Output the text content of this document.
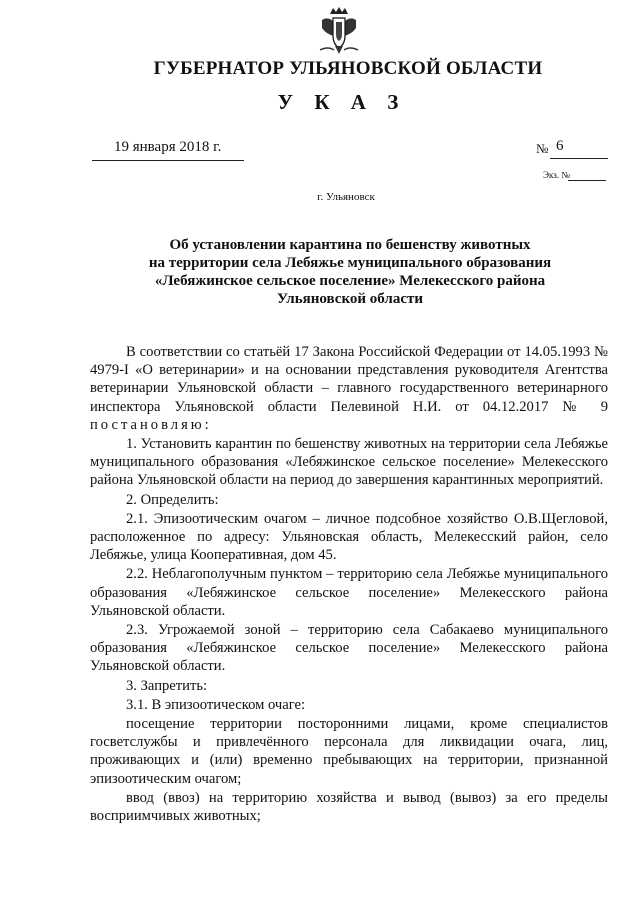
ГУБЕРНАТОР УЛЬЯНОВСКОЙ ОБЛАСТИ
У К А З
19 января 2018 г.	№ 6
Экз. №
г. Ульяновск
Об установлении карантина по бешенству животных
на территории села Лебяжье муниципального образования
«Лебяжинское сельское поселение» Мелекесского района
Ульяновской области

В соответствии со статьёй 17 Закона Российской Федерации от 14.05.1993 № 4979-I «О ветеринарии» и на основании представления руководителя Агентства ветеринарии Ульяновской области – главного государственного ветеринарного инспектора Ульяновской области Пелевиной Н.И. от 04.12.2017 № 9 постановляю:

1. Установить карантин по бешенству животных на территории села Лебяжье муниципального образования «Лебяжинское сельское поселение» Мелекесского района Ульяновской области на период до завершения карантинных мероприятий.

2. Определить:

2.1. Эпизоотическим очагом – личное подсобное хозяйство О.В.Щегловой, расположенное по адресу: Ульяновская область, Мелекесский район, село Лебяжье, улица Кооперативная, дом 45.

2.2. Неблагополучным пунктом – территорию села Лебяжье муниципального образования «Лебяжинское сельское поселение» Мелекесского района Ульяновской области.

2.3. Угрожаемой зоной – территорию села Сабакаево муниципального образования «Лебяжинское сельское поселение» Мелекесского района Ульяновской области.

3. Запретить:

3.1. В эпизоотическом очаге:

посещение территории посторонними лицами, кроме специалистов госветслужбы и привлечённого персонала для ликвидации очага, лиц, проживающих и (или) временно пребывающих на территории, признанной эпизоотическим очагом;

ввод (ввоз) на территорию хозяйства и вывод (вывоз) за его пределы восприимчивых животных;
